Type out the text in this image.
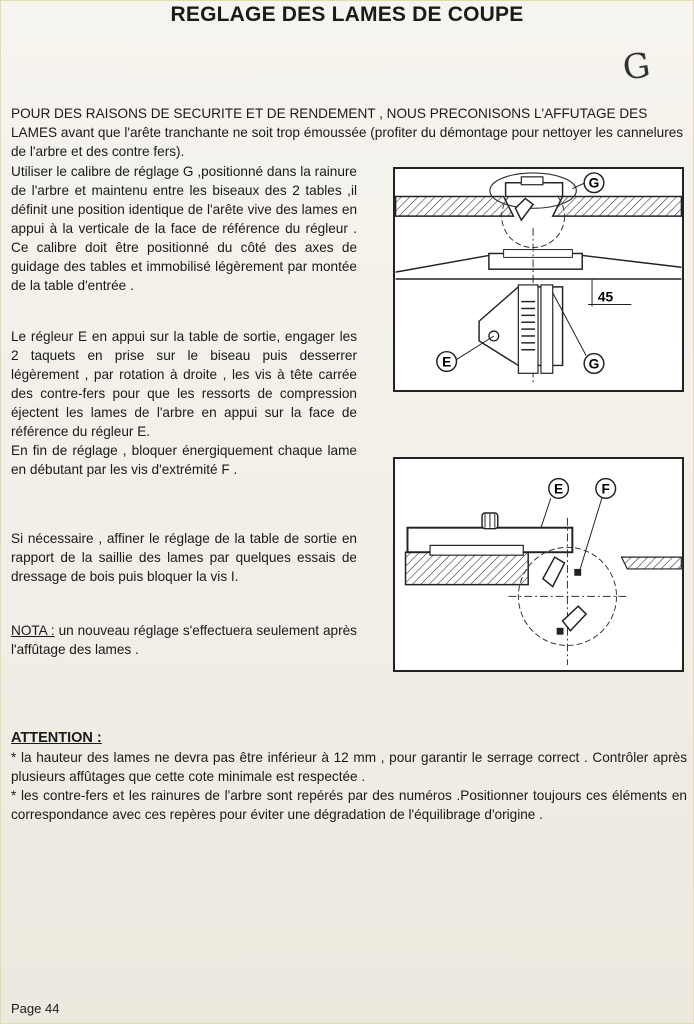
REGLAGE DES LAMES DE COUPE
G
POUR DES RAISONS DE SECURITE ET DE RENDEMENT , NOUS PRECONISONS L'AFFUTAGE DES LAMES avant que l'arête tranchante ne soit trop émoussée (profiter du démontage pour nettoyer les cannelures de l'arbre et des contre fers).

Utiliser le calibre de réglage G ,positionné dans la rainure de l'arbre et maintenu entre les biseaux des 2 tables ,il définit une position identique de l'arête vive des lames en appui à la verticale de la face de référence du régleur . Ce calibre doit être positionné du côté des axes de guidage des tables et immobilisé légèrement par montée de la table d'entrée .

Le régleur E en appui sur la table de sortie, engager les 2 taquets en prise sur le biseau puis desserrer légèrement , par rotation à droite , les vis à tête carrée des contre-fers pour que les ressorts de compression éjectent les lames de l'arbre en appui sur la face de référence du régleur E.

En fin de réglage , bloquer énergiquement chaque lame en débutant par les vis d'extrémité F .

Si nécessaire , affiner le réglage de la table de sortie en rapport de la saillie des lames par quelques essais de dressage de bois puis bloquer la vis I.

NOTA : un nouveau réglage s'effectuera seulement après l'affûtage des lames .

ATTENTION :

* la hauteur des lames ne devra pas être inférieur à 12 mm , pour garantir le serrage correct . Contrôler après plusieurs affûtages que cette cote minimale est respectée .

* les contre-fers et les rainures de l'arbre sont repérés par des numéros .Positionner toujours ces éléments en correspondance avec ces repères pour éviter une dégradation de l'équilibrage d'origine .

G
45
E	G
E	F
Page 44
